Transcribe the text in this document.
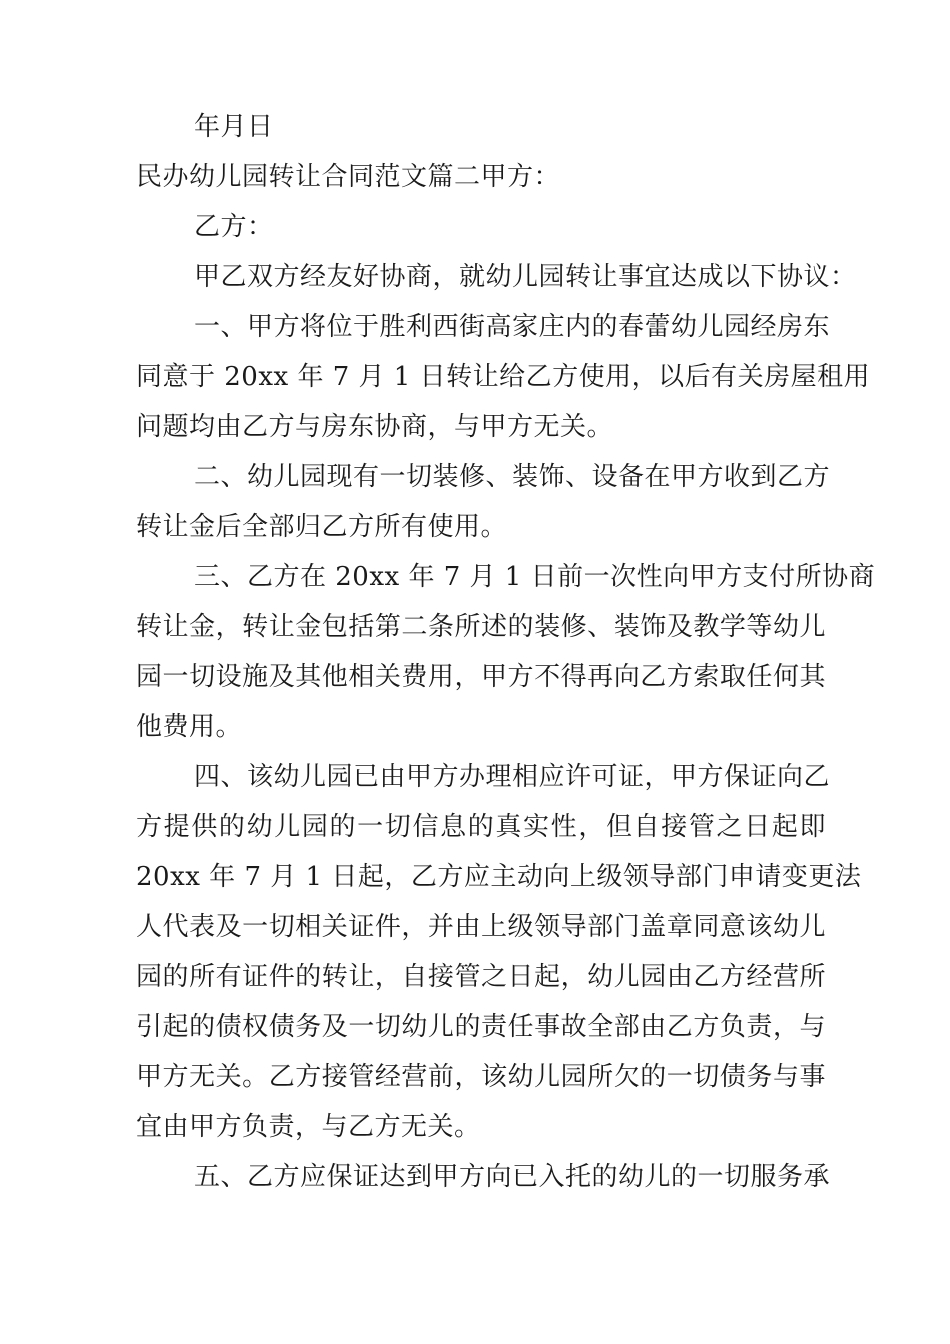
年月日
民办幼儿园转让合同范文篇二甲方：
乙方：
甲乙双方经友好协商，就幼儿园转让事宜达成以下协议：
一、甲方将位于胜利西街高家庄内的春蕾幼儿园经房东
同意于 20xx 年 7 月 1 日转让给乙方使用，以后有关房屋租用
问题均由乙方与房东协商，与甲方无关。
二、幼儿园现有一切装修、装饰、设备在甲方收到乙方
转让金后全部归乙方所有使用。
三、乙方在 20xx 年 7 月 1 日前一次性向甲方支付所协商
转让金，转让金包括第二条所述的装修、装饰及教学等幼儿
园一切设施及其他相关费用，甲方不得再向乙方索取任何其
他费用。
四、该幼儿园已由甲方办理相应许可证，甲方保证向乙
方提供的幼儿园的一切信息的真实性，但自接管之日起即
20xx 年 7 月 1 日起，乙方应主动向上级领导部门申请变更法
人代表及一切相关证件，并由上级领导部门盖章同意该幼儿
园的所有证件的转让，自接管之日起，幼儿园由乙方经营所
引起的债权债务及一切幼儿的责任事故全部由乙方负责，与
甲方无关。乙方接管经营前，该幼儿园所欠的一切债务与事
宜由甲方负责，与乙方无关。
五、乙方应保证达到甲方向已入托的幼儿的一切服务承
